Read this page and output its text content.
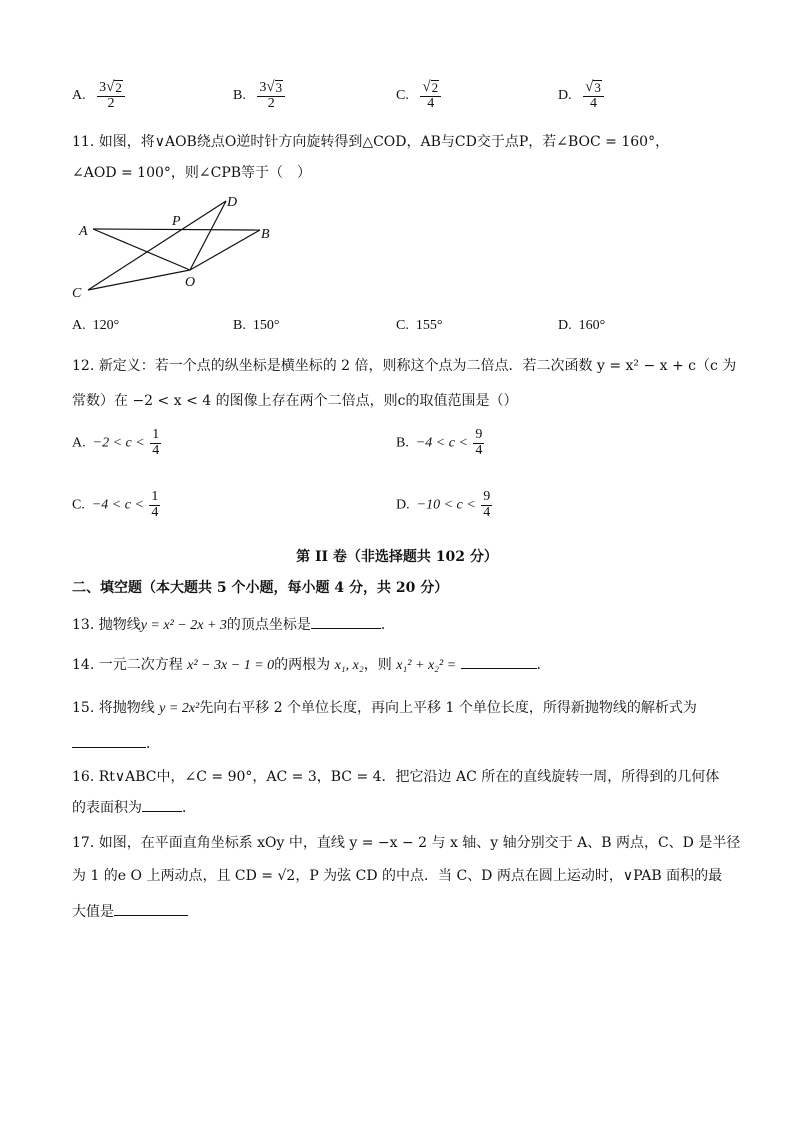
A. $\frac{3 √ 2}{2}$	B. $\frac{3 √ 3}{2}$	C. $\frac{√ 2}{4}$	D. $\frac{√ 3}{4}$
11. 如图，将∨AOB绕点O逆时针方向旋转得到△COD，AB与CD交于点P，若∠BOC = 160°，
∠AOD = 100°，则∠CPB等于（　）
A
P
D
B
O
C
A. 120°	B. 150°	C. 155°	D. 160°
12. 新定义：若一个点的纵坐标是横坐标的 2 倍，则称这个点为二倍点．若二次函数 y = x² − x + c（c 为
常数）在 −2 < x < 4 的图像上存在两个二倍点，则c的取值范围是（）
A. $-2 < c < \frac{1}{4}$	B. $-4 < c < \frac{9}{4}$
C. $-4 < c < \frac{1}{4}$	D. $-10 < c < \frac{9}{4}$
第 II 卷（非选择题共 102 分）
二、填空题（本大题共 5 个小题，每小题 4 分，共 20 分）
13. 抛物线y = x² − 2x + 3的顶点坐标是	．
14. 一元二次方程 x² − 3x − 1 = 0的两根为 x₁, x₂，则 x₁² + x₂² =	．
15. 将抛物线 y = 2x²先向右平移 2 个单位长度，再向上平移 1 个单位长度，所得新抛物线的解析式为
．
16. Rt∨ABC中，∠C = 90°，AC = 3，BC = 4．把它沿边 AC 所在的直线旋转一周，所得到的几何体
的表面积为	．
17. 如图，在平面直角坐标系 xOy 中，直线 y = −x − 2 与 x 轴、y 轴分别交于 A、B 两点，C、D 是半径
为 1 的e O 上两动点，且 CD = √2，P 为弦 CD 的中点．当 C、D 两点在圆上运动时，∨PAB 面积的最
大值是
